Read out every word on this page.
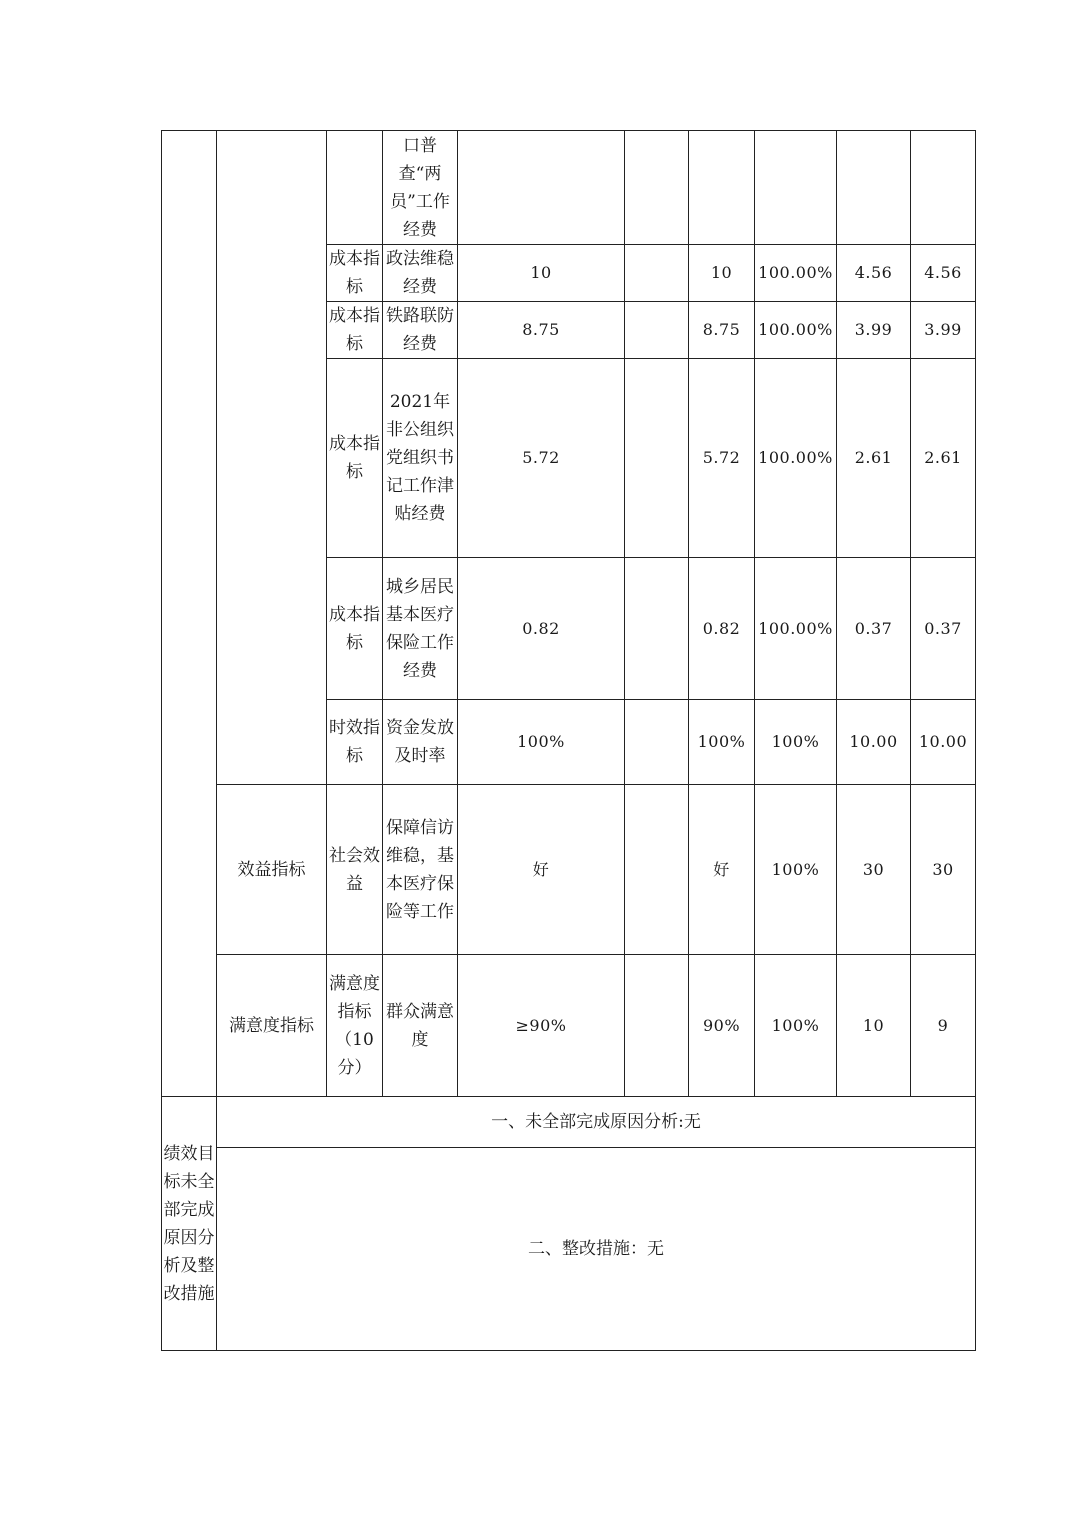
			口普查“两员”工作经费						

		成本指标	政法维稳经费	10		10	100.00%	4.56	4.56

		成本指标	铁路联防经费	8.75		8.75	100.00%	3.99	3.99

		成本指标	2021年非公组织党组织书记工作津贴经费	5.72		5.72	100.00%	2.61	2.61

		成本指标	城乡居民基本医疗保险工作经费	0.82		0.82	100.00%	0.37	0.37

		时效指标	资金发放及时率	100%		100%	100%	10.00	10.00
	效益指标	社会效益	保障信访维稳，基本医疗保险等工作	好		好	100%	30	30
	满意度指标	满意度指标（10分）	群众满意度	≥90%		90%	100%	10	9

绩效目标未全部完成原因分析及整改措施	一、未全部完成原因分析:无								
	二、整改措施：无								
